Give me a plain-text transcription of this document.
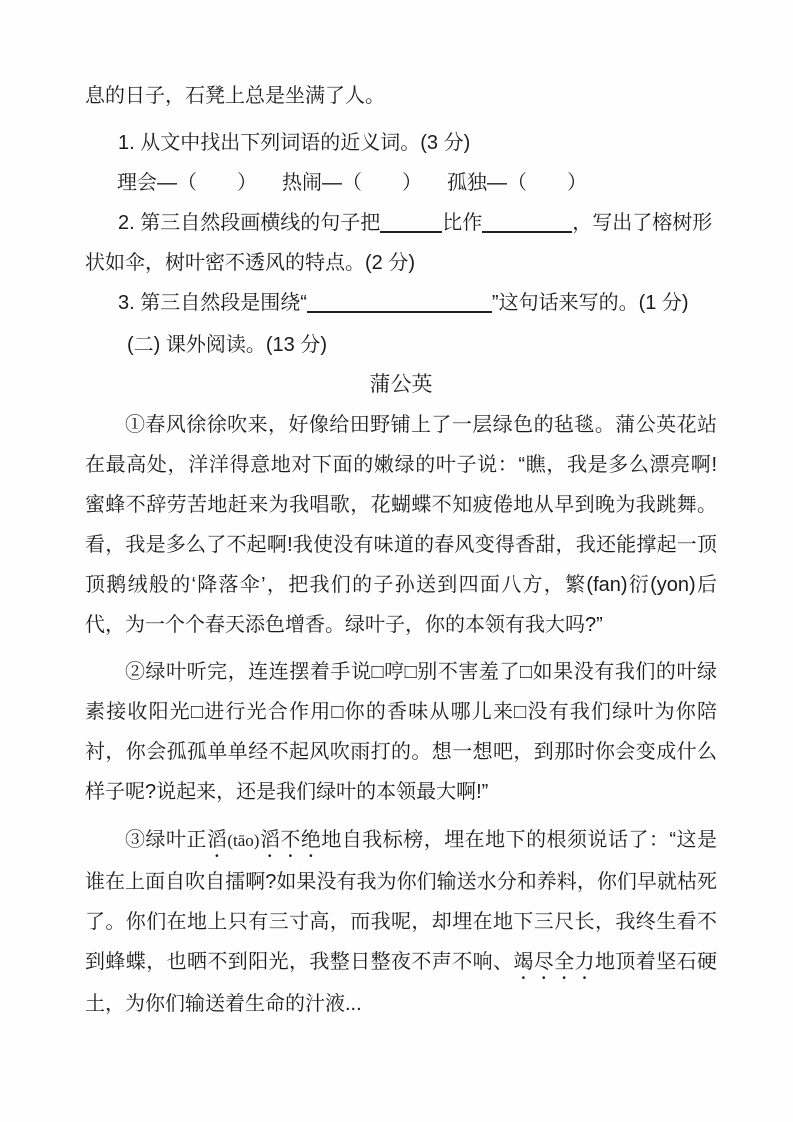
息的日子，石凳上总是坐满了人。

1. 从文中找出下列词语的近义词。(3 分)

理会—（　　） 热闹—（　　） 孤独—（　　）

2. 第三自然段画横线的句子把	比作	，写出了榕树形状如伞，树叶密不透风的特点。(2 分)

3. 第三自然段是围绕“	”这句话来写的。(1 分)

(二) 课外阅读。(13 分)

蒲公英

①春风徐徐吹来，好像给田野铺上了一层绿色的毡毯。蒲公英花站在最高处，洋洋得意地对下面的嫩绿的叶子说：“瞧，我是多么漂亮啊!蜜蜂不辞劳苦地赶来为我唱歌，花蝴蝶不知疲倦地从早到晚为我跳舞。看，我是多么了不起啊!我使没有味道的春风变得香甜，我还能撑起一顶顶鹅绒般的‘降落伞’，把我们的子孙送到四面八方，繁(fan)衍(yon)后代，为一个个春天添色增香。绿叶子，你的本领有我大吗?”

②绿叶听完，连连摆着手说□哼□别不害羞了□如果没有我们的叶绿素接收阳光□进行光合作用□你的香味从哪儿来□没有我们绿叶为你陪衬，你会孤孤单单经不起风吹雨打的。想一想吧，到那时你会变成什么样子呢?说起来，还是我们绿叶的本领最大啊!”

③绿叶正滔(tāo)滔不绝地自我标榜，埋在地下的根须说话了：“这是谁在上面自吹自擂啊?如果没有我为你们输送水分和养料，你们早就枯死了。你们在地上只有三寸高，而我呢，却埋在地下三尺长，我终生看不到蜂蝶，也晒不到阳光，我整日整夜不声不响、竭尽全力地顶着坚石硬土，为你们输送着生命的汁液...
